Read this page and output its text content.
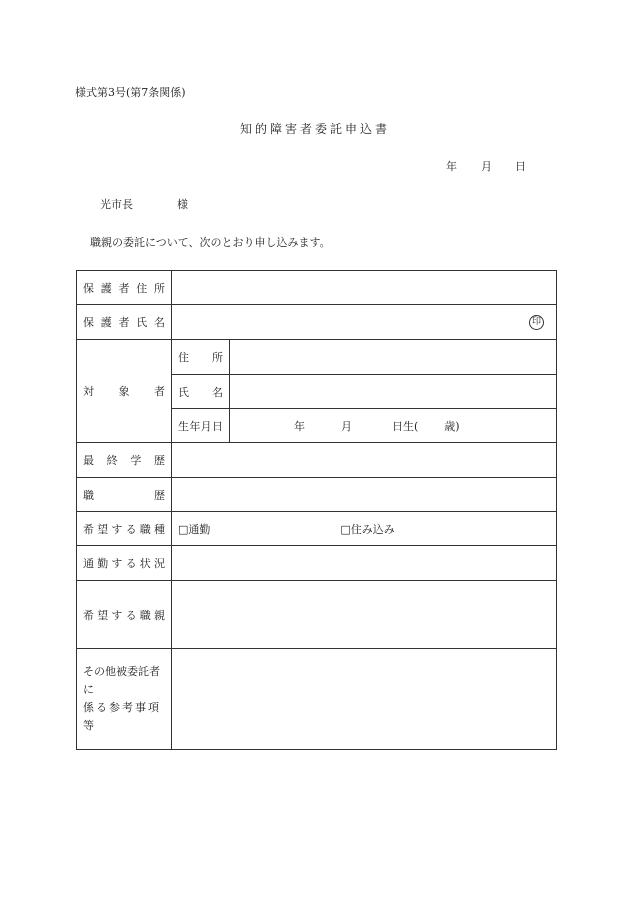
様式第3号(第7条関係)
知的障害者委託申込書
年 月 日
光市長	様
職親の委託について、次のとおり申し込みます。
保護者住所		
保護者氏名	印	

対象者	住所	
	氏名	
	生年月日	年 月 日生( 歳)
最終学歴		
職歴		
希望する職種	□通勤 □住み込み	
通勤する状況		
希望する職親		

その他被委託者に
係る参考事項等		
